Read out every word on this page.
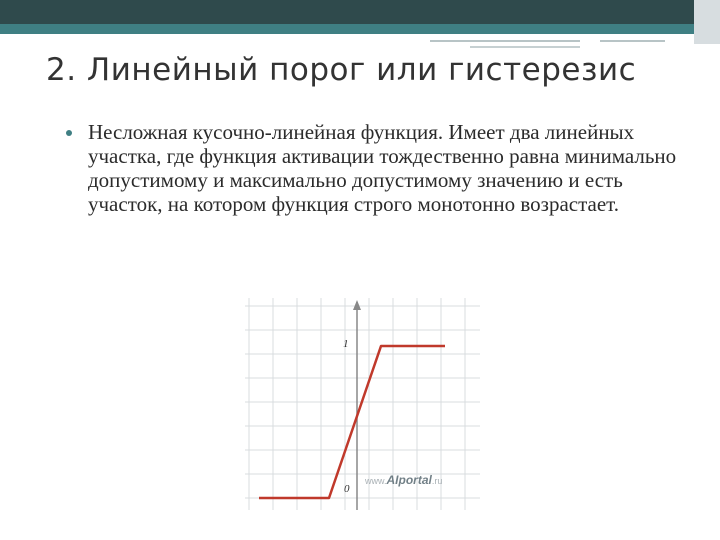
2. Линейный порог или гистерезис

Несложная кусочно-линейная функция. Имеет два линейных участка, где функция активации тождественно равна минимально допустимому и максимально допустимому значению и есть участок, на котором функция строго монотонно возрастает.

1
0
www.AIportal.ru
